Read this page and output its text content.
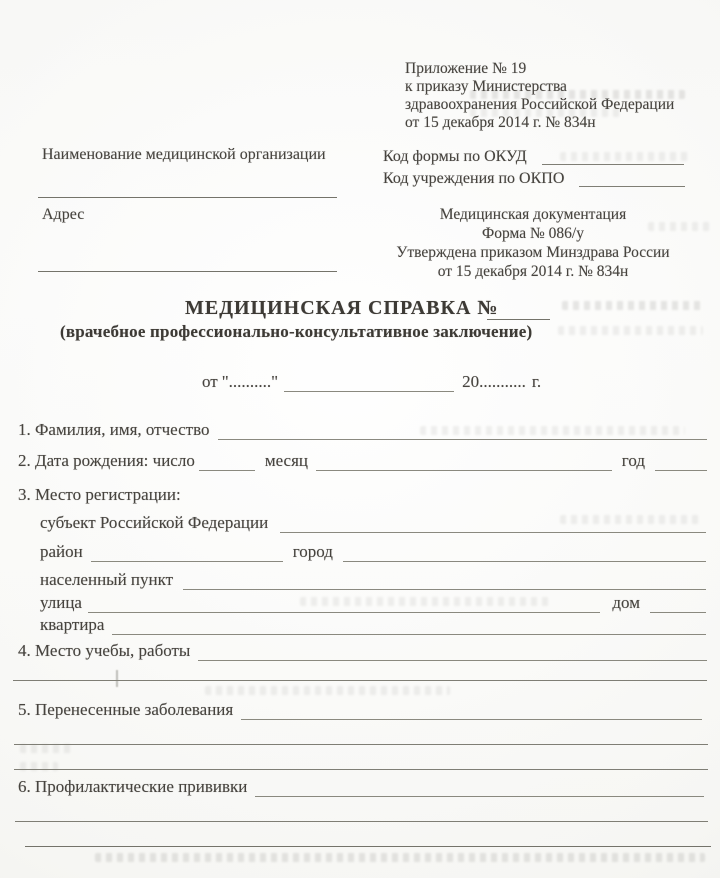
Приложение № 19
к приказу Министерства
здравоохранения Российской Федерации
от 15 декабря 2014 г. № 834н
Наименование медицинской организации
Адрес
Код формы по ОКУД
Код учреждения по ОКПО
Медицинская документация
Форма № 086/у
Утверждена приказом Минздрава России
от 15 декабря 2014 г. № 834н
МЕДИЦИНСКАЯ СПРАВКА №
(врачебное профессионально-консультативное заключение)
от ".........."	20........... г.
1. Фамилия, имя, отчество
2. Дата рождения: число	месяц	год
3. Место регистрации:
субъект Российской Федерации
район	город
населенный пункт
улица	дом
квартира
4. Место учебы, работы
5. Перенесенные заболевания
6. Профилактические прививки
